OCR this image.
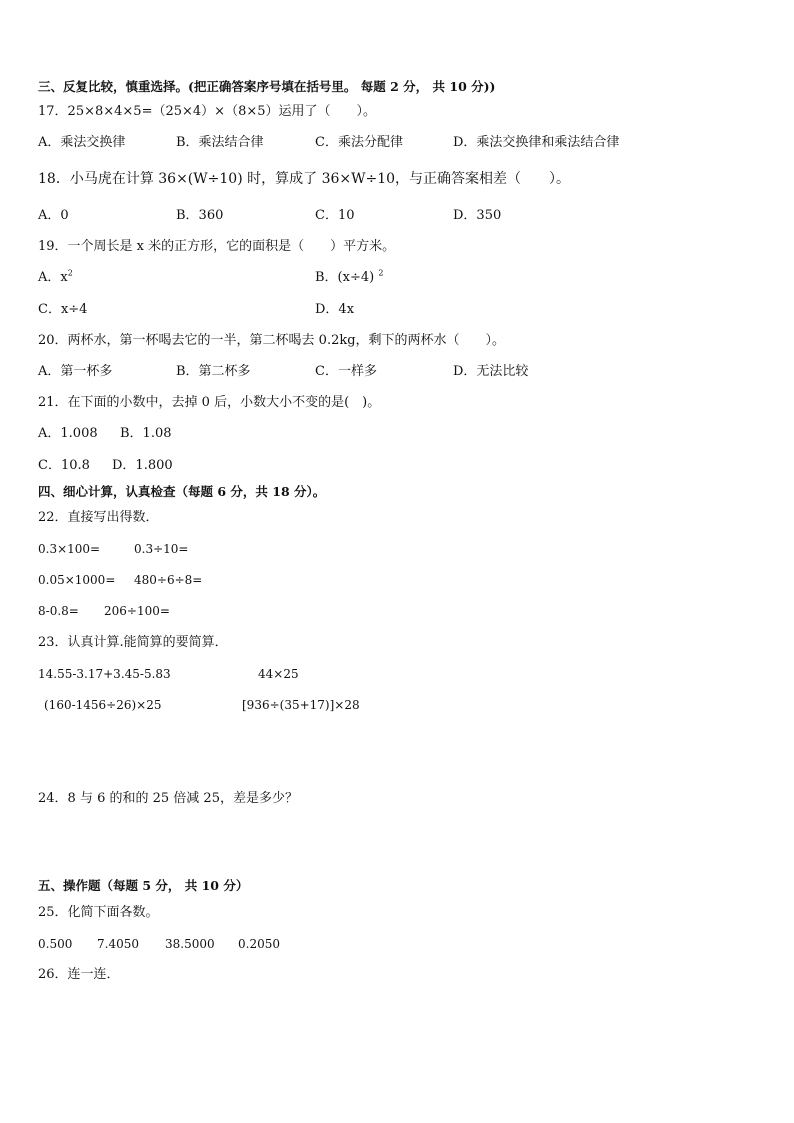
三、反复比较，慎重选择。(把正确答案序号填在括号里。 每题 2 分， 共 10 分))
17．25×8×4×5=（25×4）×（8×5）运用了（　　）。
A．乘法交换律	B．乘法结合律	C．乘法分配律	D．乘法交换律和乘法结合律
18．小马虎在计算 36×(W÷10) 时，算成了 36×W÷10，与正确答案相差（　　）。
A．0	B．360	C．10	D．350
19．一个周长是 x 米的正方形，它的面积是（　　）平方米。
A．$x^2$	B．(x÷4) $^2$
C．x÷4	D．4x
20．两杯水，第一杯喝去它的一半，第二杯喝去 0.2kg，剩下的两杯水（　　）。
A．第一杯多	B．第二杯多	C．一样多	D．无法比较
21．在下面的小数中，去掉 0 后，小数大小不变的是(　)。
A．1.008 B．1.08
C．10.8 D．1.800
四、细心计算，认真检查（每题 6 分，共 18 分）。
22．直接写出得数．
0.3×100=	0.3÷10=
0.05×1000= 480÷6÷8=
8-0.8= 206÷100=
23．认真计算.能简算的要简算．
14.55-3.17+3.45-5.83	44×25
(160-1456÷26)×25	[936÷(35+17)]×28
24．8 与 6 的和的 25 倍减 25，差是多少？
五、操作题（每题 5 分， 共 10 分）
25．化简下面各数。
0.500 7.4050 38.5000 0.2050
26．连一连．
